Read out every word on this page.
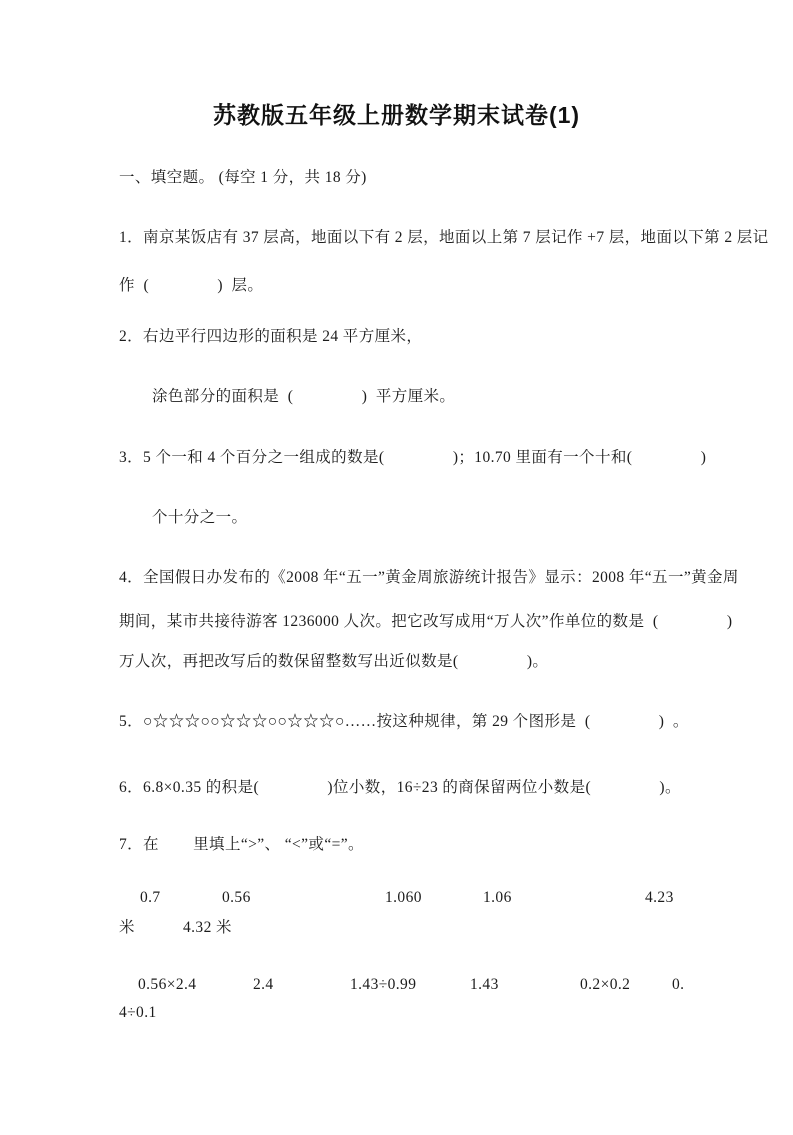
苏教版五年级上册数学期末试卷(1)

一、填空题。 (每空 1 分，共 18 分)

1．南京某饭店有 37 层高，地面以下有 2 层，地面以上第 7 层记作 +7 层，地面以下第 2 层记

作  (                )  层。

2．右边平行四边形的面积是 24 平方厘米，

涂色部分的面积是  (                )  平方厘米。

3．5 个一和 4 个百分之一组成的数是(                )；10.70 里面有一个十和(                )

个十分之一。

4．全国假日办发布的《2008 年“五一”黄金周旅游统计报告》显示：2008 年“五一”黄金周

期间，某市共接待游客 1236000 人次。把它改写成用“万人次”作单位的数是  (                )

万人次，再把改写后的数保留整数写出近似数是(                )。

5．○☆☆☆○○☆☆☆○○☆☆☆○……按这种规律，第 29 个图形是  (                )  。

6．6.8×0.35 的积是(                )位小数，16÷23 的商保留两位小数是(                )。

7．在        里填上“>”、 “<”或“=”。

0.7

	0.56

	1.060

	1.06

	4.23

米

	4.32 米

0.56×2.4

	2.4

	1.43÷0.99

	1.43

	0.2×0.2

	0.

4÷0.1
